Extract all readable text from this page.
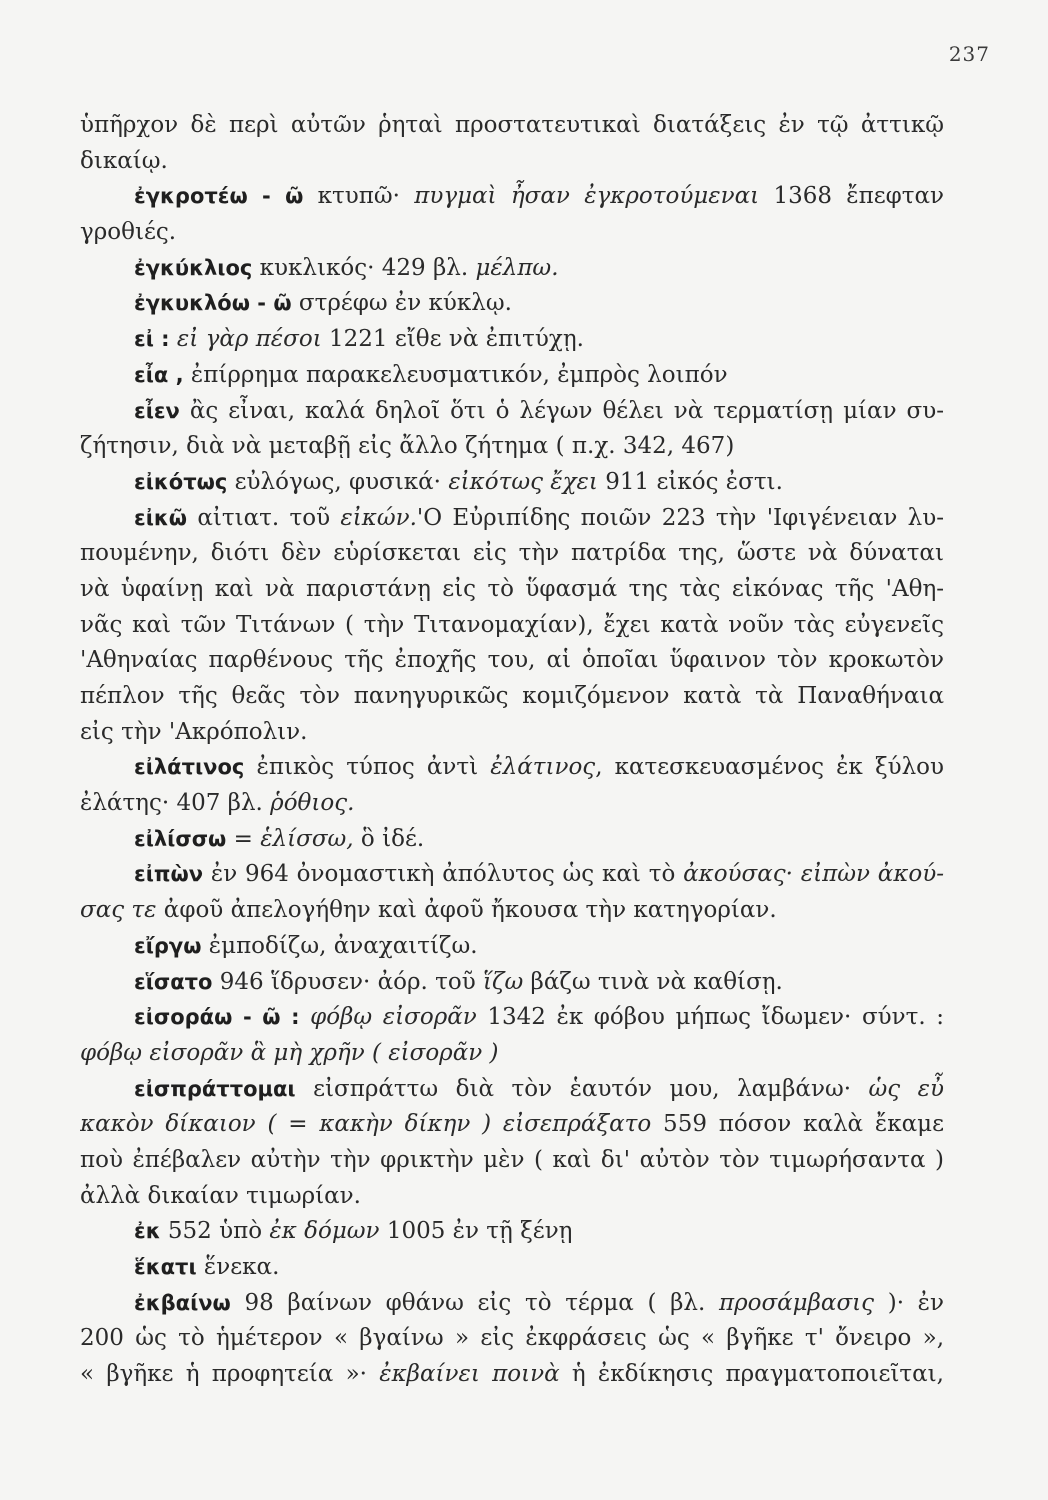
237
ὑπῆρχον δὲ περὶ αὐτῶν ῥηταὶ προστατευτικαὶ διατάξεις ἐν τῷ ἀττικῷ
δικαίῳ.
ἐγκροτέω - ῶ κτυπῶ· πυγμαὶ ἦσαν ἐγκροτούμεναι 1368 ἔπεφταν
γροθιές.
ἐγκύκλιος κυκλικός· 429 βλ. μέλπω.
ἐγκυκλόω - ῶ στρέφω ἐν κύκλῳ.
εἰ : εἰ γὰρ πέσοι 1221 εἴθε νὰ ἐπιτύχῃ.
εἶα , ἐπίρρημα παρακελευσματικόν, ἐμπρὸς λοιπόν
εἶεν ἂς εἶναι, καλά δηλοῖ ὅτι ὁ λέγων θέλει νὰ τερματίσῃ μίαν συ-
ζήτησιν, διὰ νὰ μεταβῇ εἰς ἄλλο ζήτημα ( π.χ. 342, 467)
εἰκότως εὐλόγως, φυσικά· εἰκότως ἔχει 911 εἰκός ἐστι.
εἰκῶ αἰτιατ. τοῦ εἰκών.'Ο Εὐριπίδης ποιῶν 223 τὴν 'Ιφιγένειαν λυ-
πουμένην, διότι δὲν εὑρίσκεται εἰς τὴν πατρίδα της, ὥστε νὰ δύναται
νὰ ὑφαίνῃ καὶ νὰ παριστάνῃ εἰς τὸ ὕφασμά της τὰς εἰκόνας τῆς 'Αθη-
νᾶς καὶ τῶν Τιτάνων ( τὴν Τιτανομαχίαν), ἔχει κατὰ νοῦν τὰς εὐγενεῖς
'Αθηναίας παρθένους τῆς ἐποχῆς του, αἱ ὁποῖαι ὕφαινον τὸν κροκωτὸν
πέπλον τῆς θεᾶς τὸν πανηγυρικῶς κομιζόμενον κατὰ τὰ Παναθήναια
εἰς τὴν 'Ακρόπολιν.
εἰλάτινος ἐπικὸς τύπος ἀντὶ ἐλάτινος, κατεσκευασμένος ἐκ ξύλου
ἐλάτης· 407 βλ. ῥόθιος.
εἰλίσσω = ἑλίσσω, ὃ ἰδέ.
εἰπὼν ἐν 964 ὀνομαστικὴ ἀπόλυτος ὡς καὶ τὸ ἀκούσας· εἰπὼν ἀκού-
σας τε ἀφοῦ ἀπελογήθην καὶ ἀφοῦ ἤκουσα τὴν κατηγορίαν.
εἴργω ἐμποδίζω, ἀναχαιτίζω.
εἵσατο 946 ἵδρυσεν· ἀόρ. τοῦ ἵζω βάζω τινὰ νὰ καθίσῃ.
εἰσοράω - ῶ : φόβῳ εἰσορᾶν 1342 ἐκ φόβου μήπως ἴδωμεν· σύντ. :
φόβῳ εἰσορᾶν ἃ μὴ χρῆν ( εἰσορᾶν )
εἰσπράττομαι εἰσπράττω διὰ τὸν ἑαυτόν μου, λαμβάνω· ὡς εὖ
κακὸν δίκαιον ( = κακὴν δίκην ) εἰσεπράξατο 559 πόσον καλὰ ἔκαμε
ποὺ ἐπέβαλεν αὐτὴν τὴν φρικτὴν μὲν ( καὶ δι' αὐτὸν τὸν τιμωρήσαντα )
ἀλλὰ δικαίαν τιμωρίαν.
ἐκ 552 ὑπὸ ἐκ δόμων 1005 ἐν τῇ ξένῃ
ἕκατι ἕνεκα.
ἐκβαίνω 98 βαίνων φθάνω εἰς τὸ τέρμα ( βλ. προσάμβασις )· ἐν
200 ὡς τὸ ἡμέτερον « βγαίνω » εἰς ἐκφράσεις ὡς « βγῆκε τ' ὄνειρο »,
« βγῆκε ἡ προφητεία »· ἐκβαίνει ποινὰ ἡ ἐκδίκησις πραγματοποιεῖται,
